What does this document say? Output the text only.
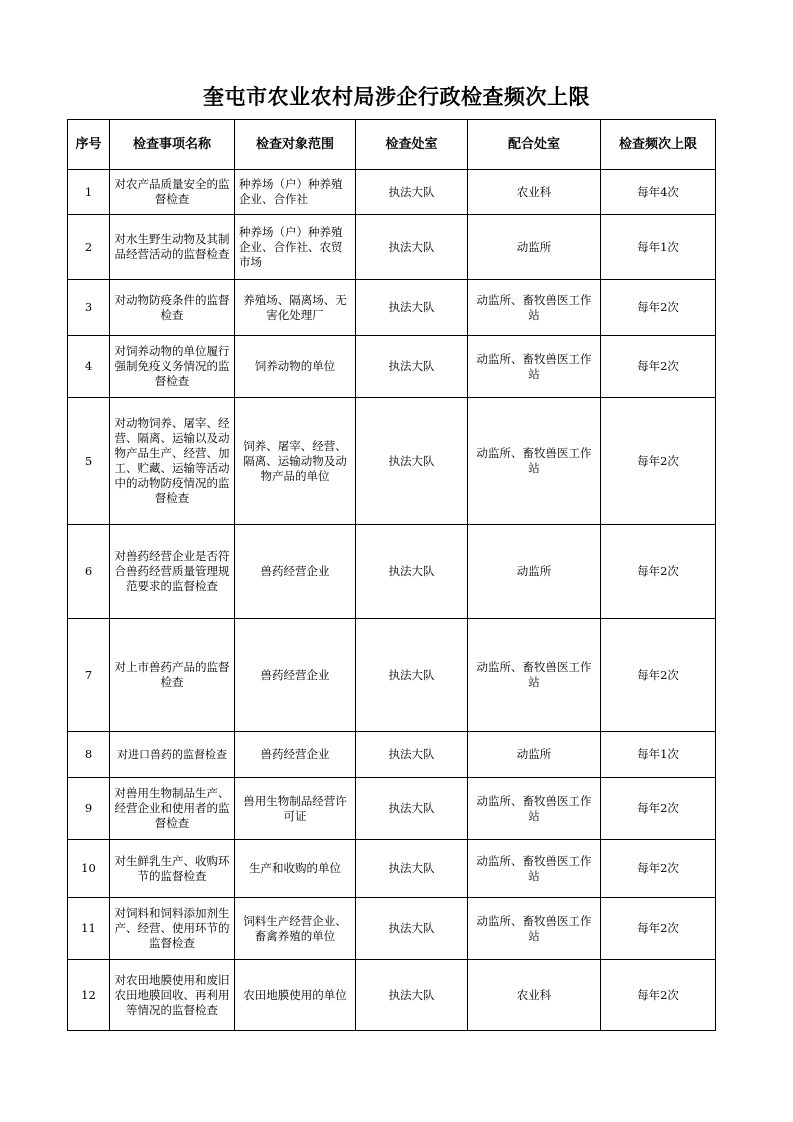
奎屯市农业农村局涉企行政检查频次上限
序号	检查事项名称	检查对象范围	检查处室	配合处室	检查频次上限
1	对农产品质量安全的监督检查	种养场（户）种养殖企业、合作社	执法大队	农业科	每年4次
2	对水生野生动物及其制品经营活动的监督检查	种养场（户）种养殖企业、合作社、农贸市场	执法大队	动监所	每年1次
3	对动物防疫条件的监督检查	养殖场、隔离场、无害化处理厂	执法大队	动监所、畜牧兽医工作站	每年2次
4	对饲养动物的单位履行强制免疫义务情况的监督检查	饲养动物的单位	执法大队	动监所、畜牧兽医工作站	每年2次
5	对动物饲养、屠宰、经营、隔离、运输以及动物产品生产、经营、加工、贮藏、运输等活动中的动物防疫情况的监督检查	饲养、屠宰、经营、隔离、运输动物及动物产品的单位	执法大队	动监所、畜牧兽医工作站	每年2次
6	对兽药经营企业是否符合兽药经营质量管理规范要求的监督检查	兽药经营企业	执法大队	动监所	每年2次
7	对上市兽药产品的监督检查	兽药经营企业	执法大队	动监所、畜牧兽医工作站	每年2次
8	对进口兽药的监督检查	兽药经营企业	执法大队	动监所	每年1次
9	对兽用生物制品生产、经营企业和使用者的监督检查	兽用生物制品经营许可证	执法大队	动监所、畜牧兽医工作站	每年2次
10	对生鲜乳生产、收购环节的监督检查	生产和收购的单位	执法大队	动监所、畜牧兽医工作站	每年2次
11	对饲料和饲料添加剂生产、经营、使用环节的监督检查	饲料生产经营企业、畜禽养殖的单位	执法大队	动监所、畜牧兽医工作站	每年2次
12	对农田地膜使用和废旧农田地膜回收、再利用等情况的监督检查	农田地膜使用的单位	执法大队	农业科	每年2次
